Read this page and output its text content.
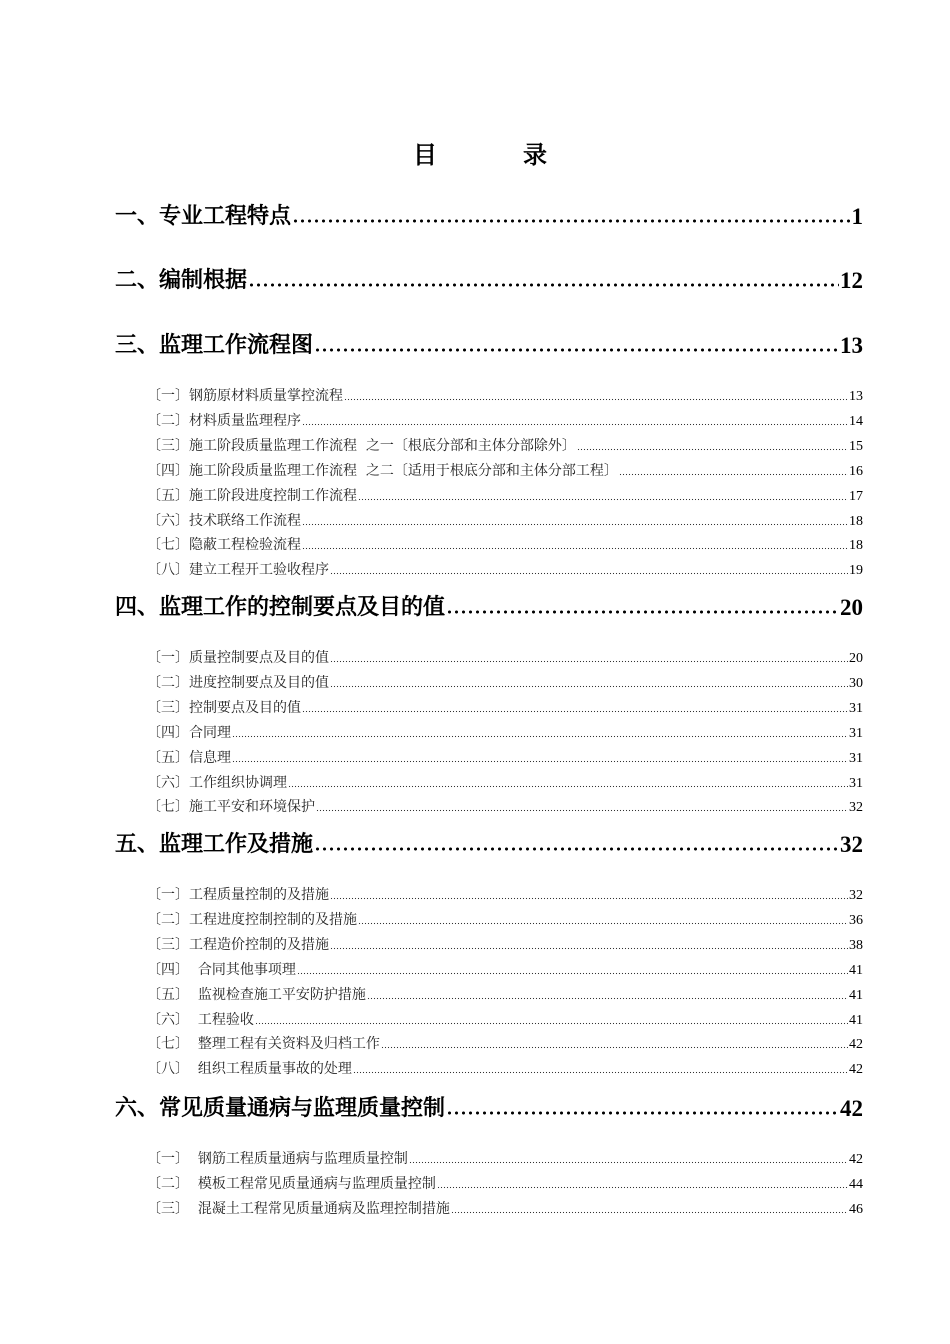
目	录
一、专业工程特点	1
二、编制根据	12
三、监理工作流程图	13
〔一〕钢筋原材料质量掌控流程	13
〔二〕材料质量监理程序	14
〔三〕施工阶段质量监理工作流程  之一〔根底分部和主体分部除外〕	15
〔四〕施工阶段质量监理工作流程  之二〔适用于根底分部和主体分部工程〕	16
〔五〕施工阶段进度控制工作流程	17
〔六〕技术联络工作流程	18
〔七〕隐蔽工程检验流程	18
〔八〕建立工程开工验收程序	19
四、监理工作的控制要点及目的值	20
〔一〕质量控制要点及目的值	20
〔二〕进度控制要点及目的值	30
〔三〕控制要点及目的值	31
〔四〕合同理	31
〔五〕信息理	31
〔六〕工作组织协调理	31
〔七〕施工平安和环境保护	32
五、监理工作及措施	32
〔一〕工程质量控制的及措施	32
〔二〕工程进度控制控制的及措施	36
〔三〕工程造价控制的及措施	38
〔四〕  合同其他事项理	41
〔五〕  监视检查施工平安防护措施	41
〔六〕  工程验收	41
〔七〕  整理工程有关资料及归档工作	42
〔八〕  组织工程质量事故的处理	42
六、常见质量通病与监理质量控制	42
〔一〕  钢筋工程质量通病与监理质量控制	42
〔二〕  模板工程常见质量通病与监理质量控制	44
〔三〕  混凝土工程常见质量通病及监理控制措施	46
